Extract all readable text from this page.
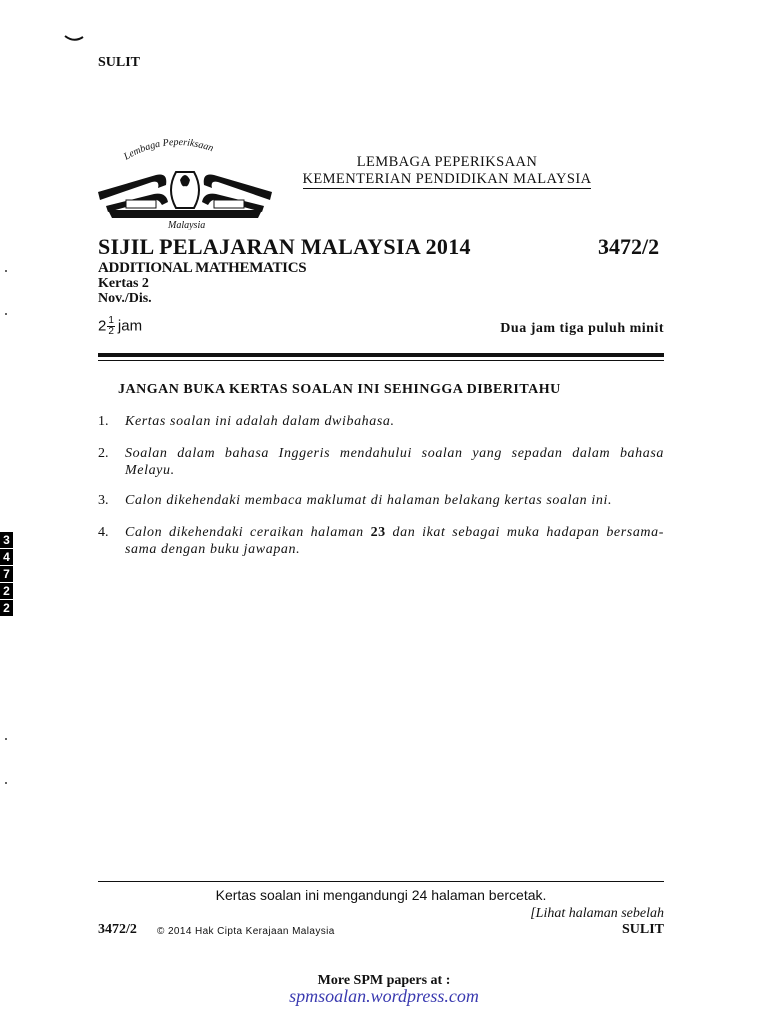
SULIT
Lembaga Peperiksaan
Malaysia
LEMBAGA PEPERIKSAAN
KEMENTERIAN PENDIDIKAN MALAYSIA
SIJIL PELAJARAN MALAYSIA 2014	3472/2
ADDITIONAL MATHEMATICS
Kertas 2
Nov./Dis.
$2 \frac{1}{2}$ jam	Dua jam tiga puluh minit
JANGAN BUKA KERTAS SOALAN INI SEHINGGA DIBERITAHU
1. Kertas soalan ini adalah dalam dwibahasa.
2. Soalan dalam bahasa Inggeris mendahului soalan yang sepadan dalam bahasa Melayu.
3. Calon dikehendaki membaca maklumat di halaman belakang kertas soalan ini.
4. Calon dikehendaki ceraikan halaman 23 dan ikat sebagai muka hadapan bersama-sama dengan buku jawapan.
3
4
7
2
2
Kertas soalan ini mengandungi 24 halaman bercetak.
[Lihat halaman sebelah
3472/2 © 2014 Hak Cipta Kerajaan Malaysia	SULIT
More SPM papers at :
spmsoalan.wordpress.com
